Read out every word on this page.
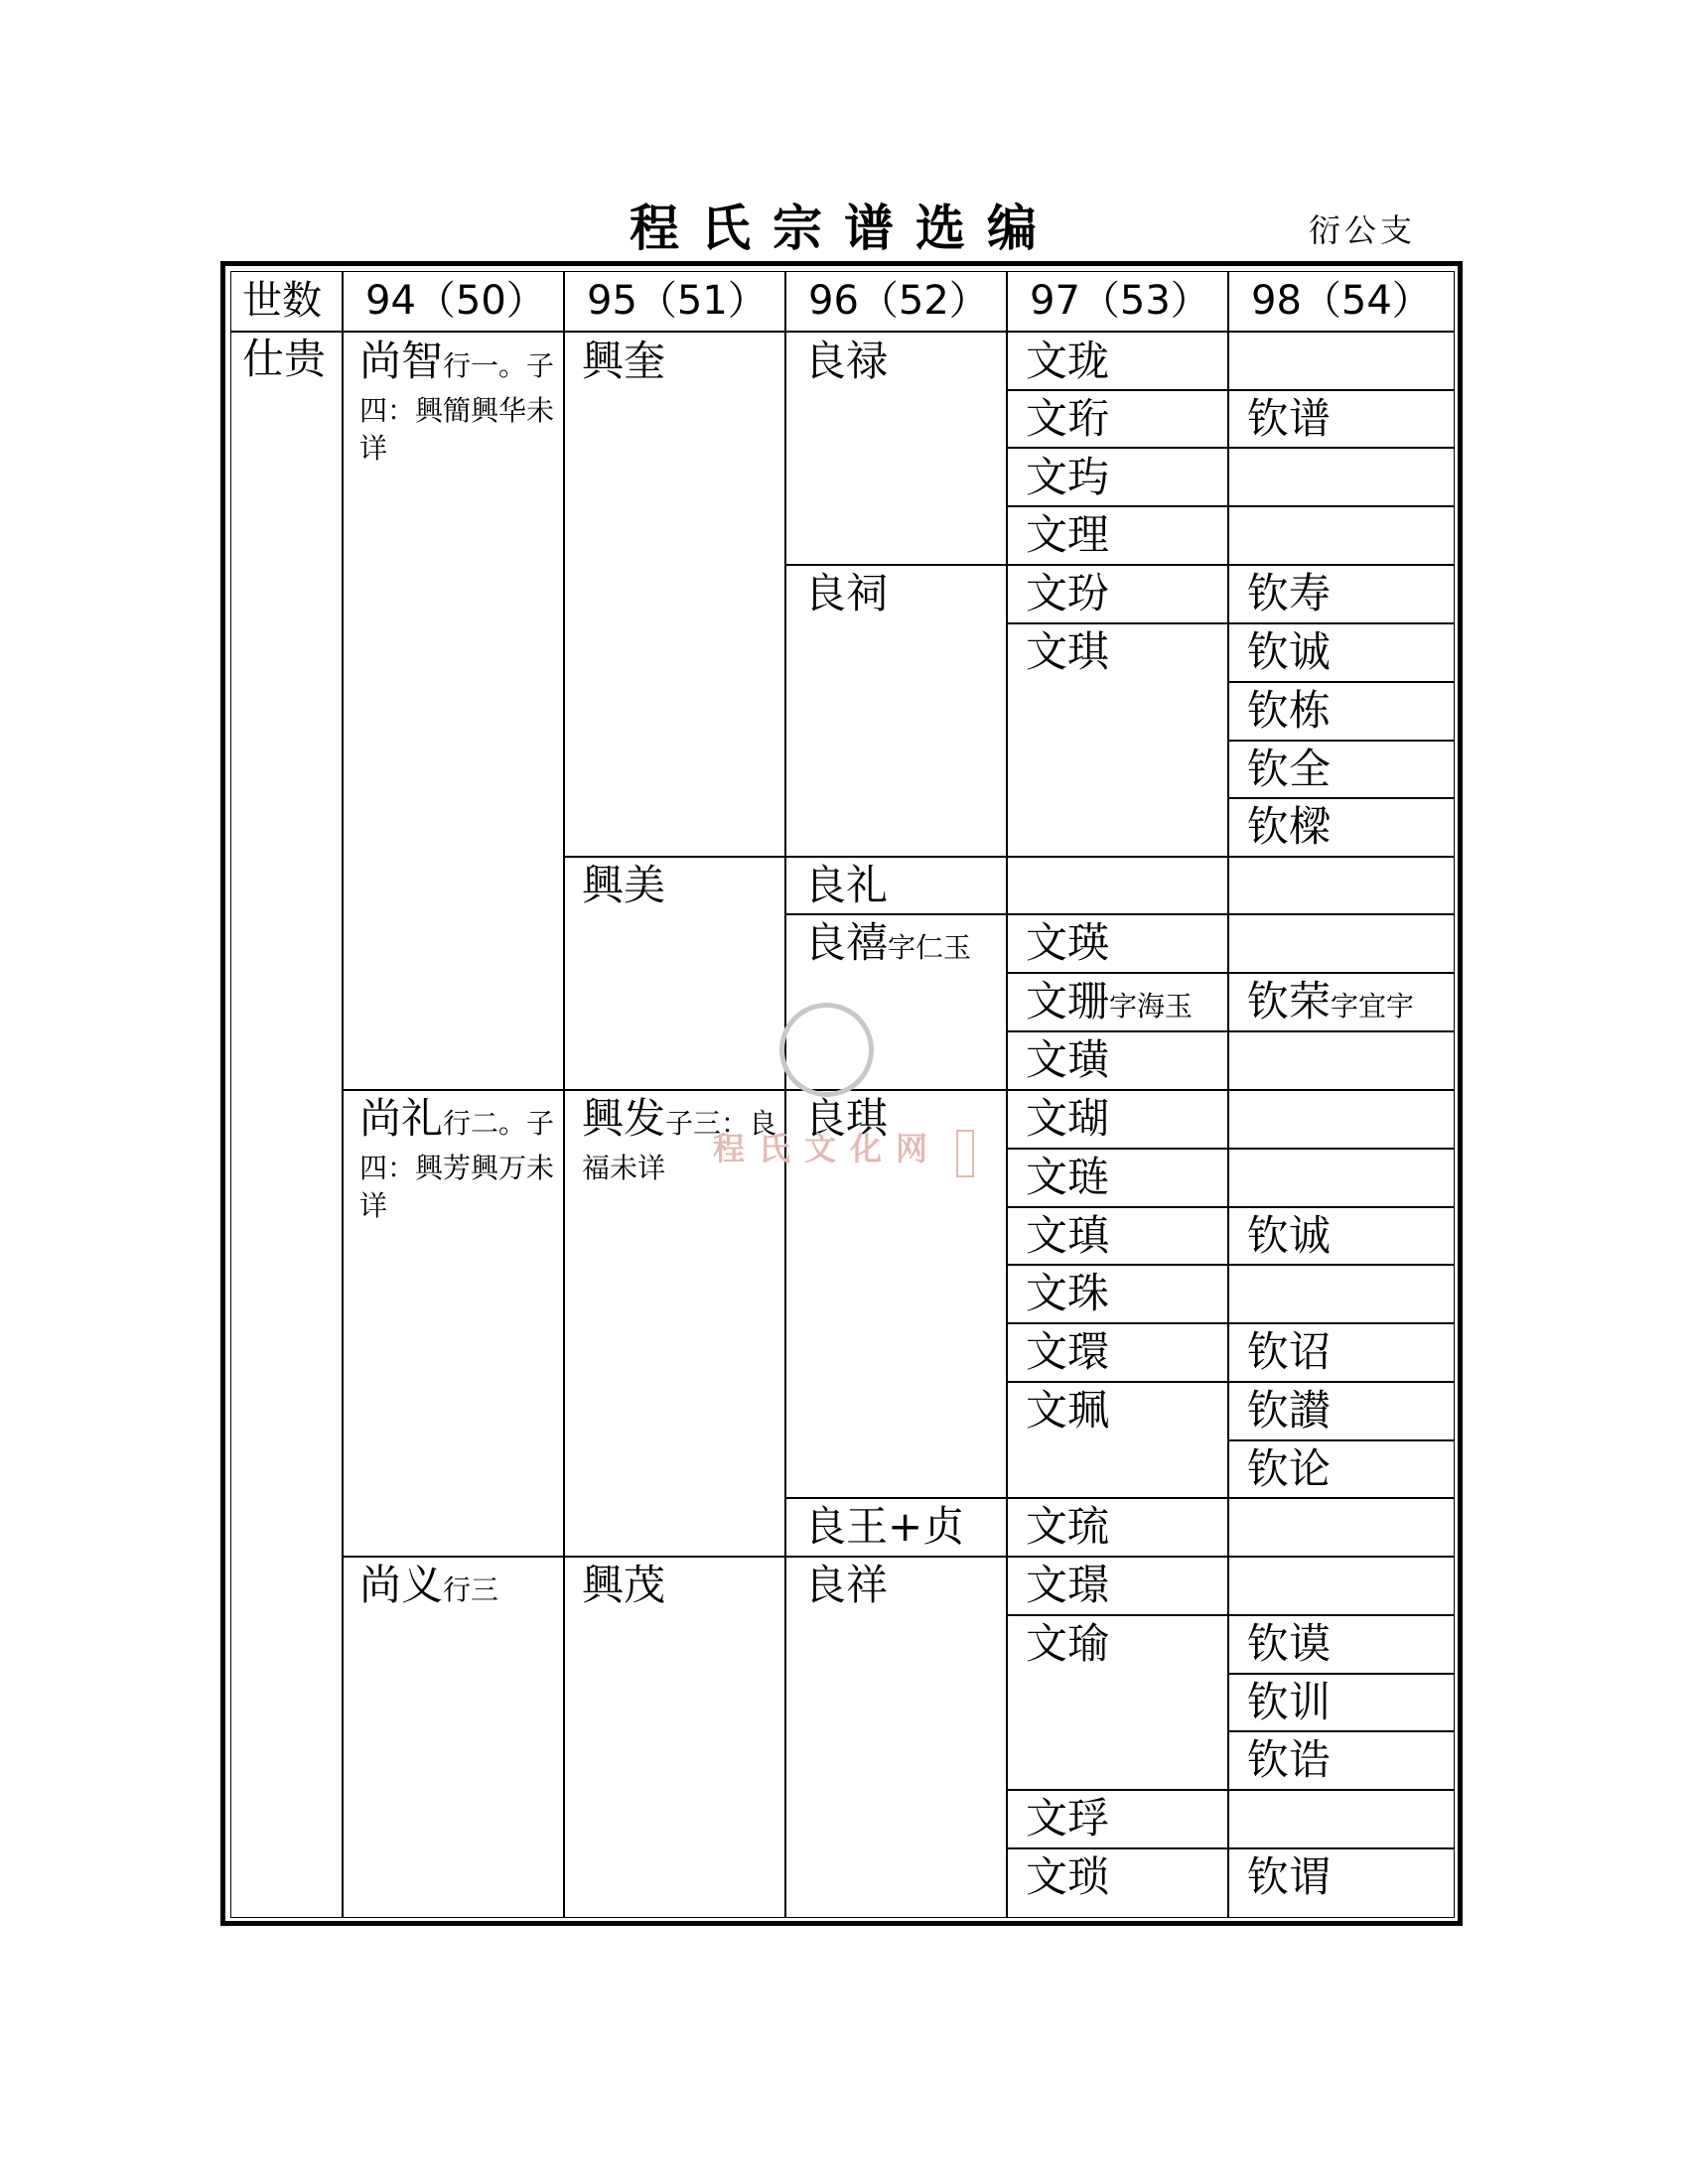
程氏宗谱选编	衍公支
世数 94（50） 95（51） 96（52） 97（53） 98（54）
仕贵 尚智行一。子
四：興簡興华未
详
尚礼行二。子
四：興芳興万未
详
尚义行三
興奎
興美
興发子三：良
福未详
興茂
良禄
良祠
良礼
良禧字仁玉
良琪
良王+贞
良祥
文珑
文珩
文玙
文理
文玢
文琪
文瑛
文珊字海玉
文璜
文瑚
文琏
文瑱
文珠
文環
文珮
文琉
文璟
文瑜
文琈
文琐
钦谱
钦寿
钦诚
钦栋
钦全
钦樑
钦荣字宜宇
钦诚
钦诏
钦讃
钦论
钦谟
钦训
钦诰
钦谓
程氏文化网
